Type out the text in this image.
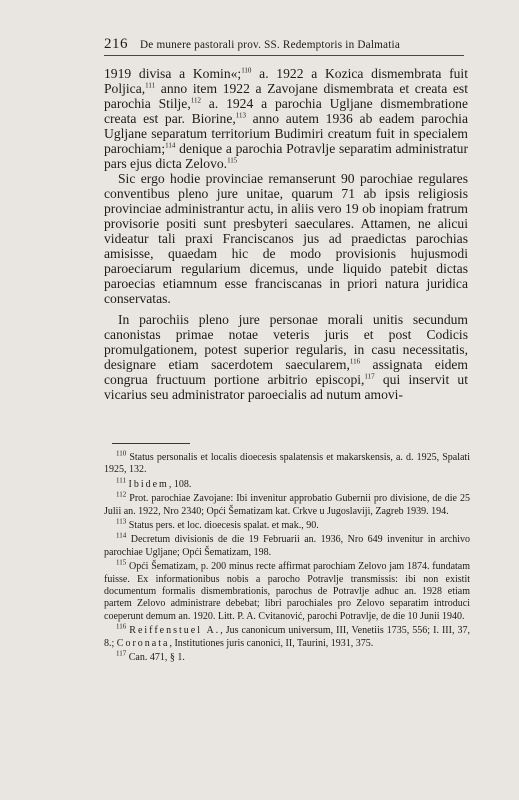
216 De munere pastorali prov. SS. Redemptoris in Dalmatia

1919 divisa a Komin«;$^{110}$ a. 1922 a Kozica dismembrata fuit Poljica,$^{111}$ anno item 1922 a Zavojane dismembrata et creata est parochia Stilje,$^{112}$ a. 1924 a parochia Ugljane dismembratione creata est par. Biorine,$^{113}$ anno autem 1936 ab eadem parochia Ugljane separatum territorium Budimiri creatum fuit in specialem parochiam;$^{114}$ denique a parochia Potravlje separatim administratur pars ejus dicta Zelovo.$^{115}$

Sic ergo hodie provinciae remanserunt 90 parochiae regulares conventibus pleno jure unitae, quarum 71 ab ipsis religiosis provinciae administrantur actu, in aliis vero 19 ob inopiam fratrum provisorie positi sunt presbyteri saeculares. Attamen, ne alicui videatur tali praxi Franciscanos jus ad praedictas parochias amisisse, quaedam hic de modo provisionis hujusmodi paroeciarum regularium dicemus, unde liquido patebit dictas paroecias etiamnum esse franciscanas in priori natura juridica conservatas.

In parochiis pleno jure personae morali unitis secundum canonistas primae notae veteris juris et post Codicis promulgationem, potest superior regularis, in casu necessitatis, designare etiam sacerdotem saecularem,$^{116}$ assignata eidem congrua fructuum portione arbitrio episcopi,$^{117}$ qui inservit ut vicarius seu administrator paroecialis ad nutum amovi-

$^{110}$ Status personalis et localis dioecesis spalatensis et makarskensis, a. d. 1925, Spalati 1925, 132.

$^{111}$ Ibidem, 108.

$^{112}$ Prot. parochiae Zavojane: Ibi invenitur approbatio Gubernii pro divisione, de die 25 Julii an. 1922, Nro 2340; Opći Šematizam kat. Crkve u Jugoslaviji, Zagreb 1939. 194.

$^{113}$ Status pers. et loc. dioecesis spalat. et mak., 90.

$^{114}$ Decretum divisionis de die 19 Februarii an. 1936, Nro 649 invenitur in archivo parochiae Ugljane; Opći Šematizam, 198.

$^{115}$ Opći Šematizam, p. 200 minus recte affirmat parochiam Zelovo jam 1874. fundatam fuisse. Ex informationibus nobis a parocho Potravlje transmissis: ibi non existit documentum formalis dismembrationis, parochus de Potravlje adhuc an. 1928 etiam partem Zelovo administrare debebat; libri parochiales pro Zelovo separatim introduci coeperunt demum an. 1920. Litt. P. A. Cvitanović, parochi Potravlje, de die 10 Junii 1940.

$^{116}$ Reiffenstuel A., Jus canonicum universum, III, Venetiis 1735, 556; I. III, 37, 8.; Coronata, Institutiones juris canonici, II, Taurini, 1931, 375.

$^{117}$ Can. 471, § 1.
